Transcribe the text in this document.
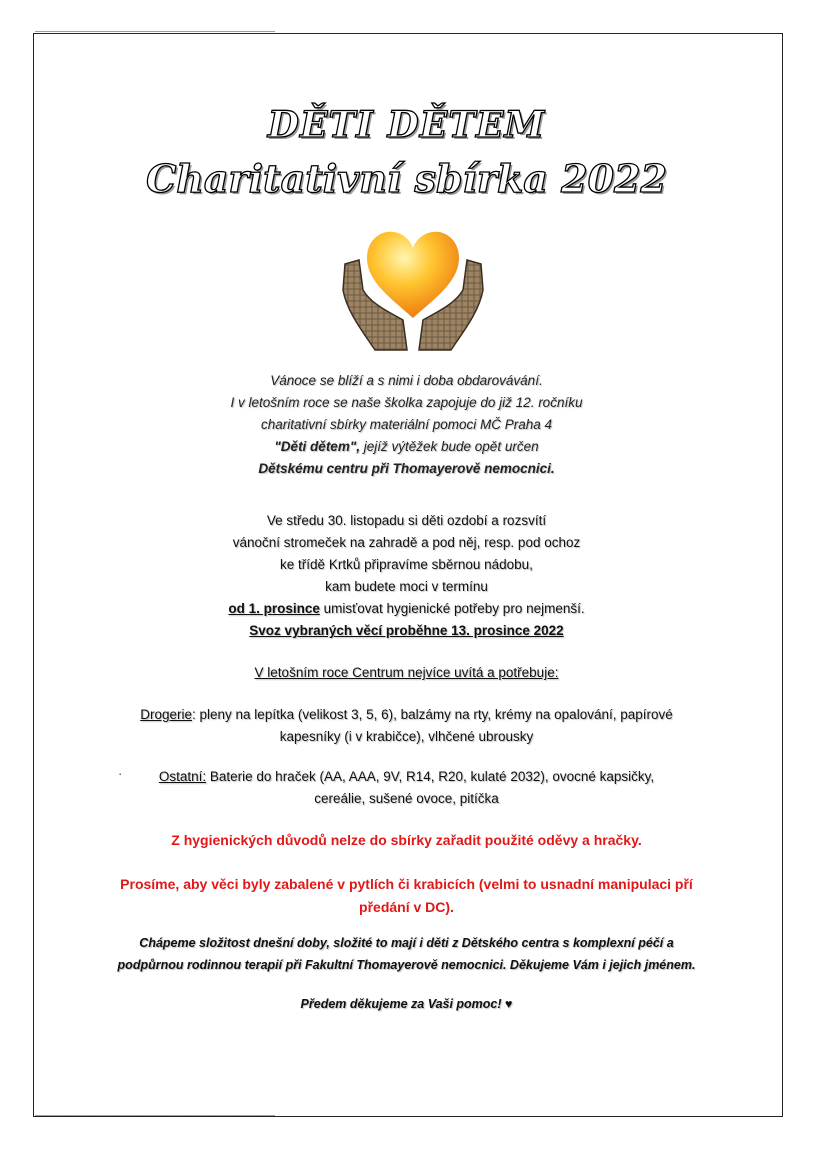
________________________________________
________________________________________
DĚTI DĚTEM
Charitativní sbírka 2022
Vánoce se blíží a s nimi i doba obdarovávání.
I v letošním roce se naše školka zapojuje do již 12. ročníku
charitativní sbírky materiální pomoci MČ Praha 4
"Děti dětem", jejíž výtěžek bude opět určen
Dětskému centru při Thomayerově nemocnici.
Ve středu 30. listopadu si děti ozdobí a rozsvítí
vánoční stromeček na zahradě a pod něj, resp. pod ochoz
ke třídě Krtků připravíme sběrnou nádobu,
kam budete moci v termínu
od 1. prosince umisťovat hygienické potřeby pro nejmenší.
Svoz vybraných věcí proběhne 13. prosince 2022
V letošním roce Centrum nejvíce uvítá a potřebuje:
Drogerie: pleny na lepítka (velikost 3, 5, 6), balzámy na rty, krémy na opalování, papírové
kapesníky (i v krabičce), vlhčené ubrousky
·	Ostatní: Baterie do hraček (AA, AAA, 9V, R14, R20, kulaté 2032), ovocné kapsičky,
cereálie, sušené ovoce, pitíčka
Z hygienických důvodů nelze do sbírky zařadit použité oděvy a hračky.
Prosíme, aby věci byly zabalené v pytlích či krabicích (velmi to usnadní manipulaci pří
předání v DC).
Chápeme složitost dnešní doby, složité to mají i děti z Dětského centra s komplexní péčí a
podpůrnou rodinnou terapií při Fakultní Thomayerově nemocnici. Děkujeme Vám i jejich jménem.
Předem děkujeme za Vaši pomoc! ♥
